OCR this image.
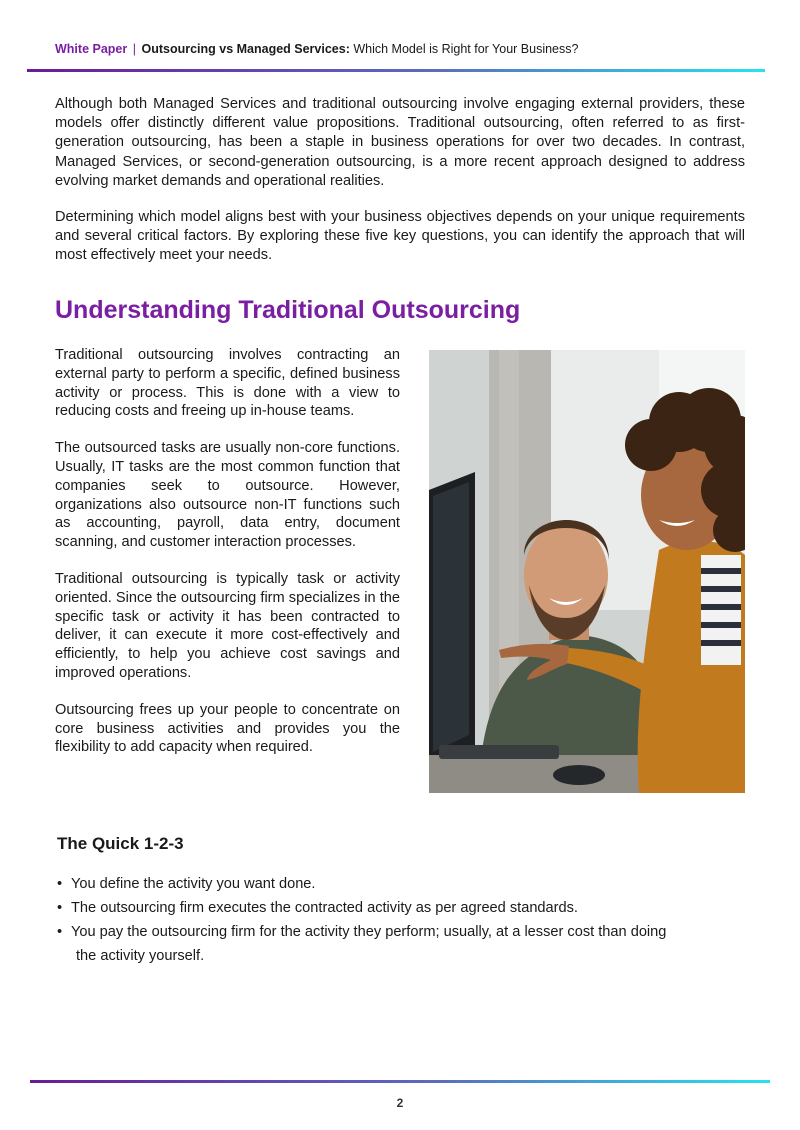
White Paper | Outsourcing vs Managed Services: Which Model is Right for Your Business?

Although both Managed Services and traditional outsourcing involve engaging external providers, these models offer distinctly different value propositions. Traditional outsourcing, often referred to as first-generation outsourcing, has been a staple in business operations for over two decades. In contrast, Managed Services, or second-generation outsourcing, is a more recent approach designed to address evolving market demands and operational realities.

Determining which model aligns best with your business objectives depends on your unique requirements and several critical factors. By exploring these five key questions, you can identify the approach that will most effectively meet your needs.

Understanding Traditional Outsourcing

Traditional outsourcing involves contracting an external party to perform a specific, defined business activity or process. This is done with a view to reducing costs and freeing up in-house teams.

The outsourced tasks are usually non-core functions. Usually, IT tasks are the most common function that companies seek to outsource. However, organizations also outsource non-IT functions such as accounting, payroll, data entry, document scanning, and customer interaction processes.

Traditional outsourcing is typically task or activity oriented. Since the outsourcing firm specializes in the specific task or activity it has been contracted to deliver, it can execute it more cost-effectively and efficiently, to help you achieve cost savings and improved operations.

Outsourcing frees up your people to concentrate on core business activities and provides you the flexibility to add capacity when required.

The Quick 1-2-3
• You define the activity you want done.
• The outsourcing firm executes the contracted activity as per agreed standards.
• You pay the outsourcing firm for the activity they perform; usually, at a lesser cost than doing
the activity yourself.
2
